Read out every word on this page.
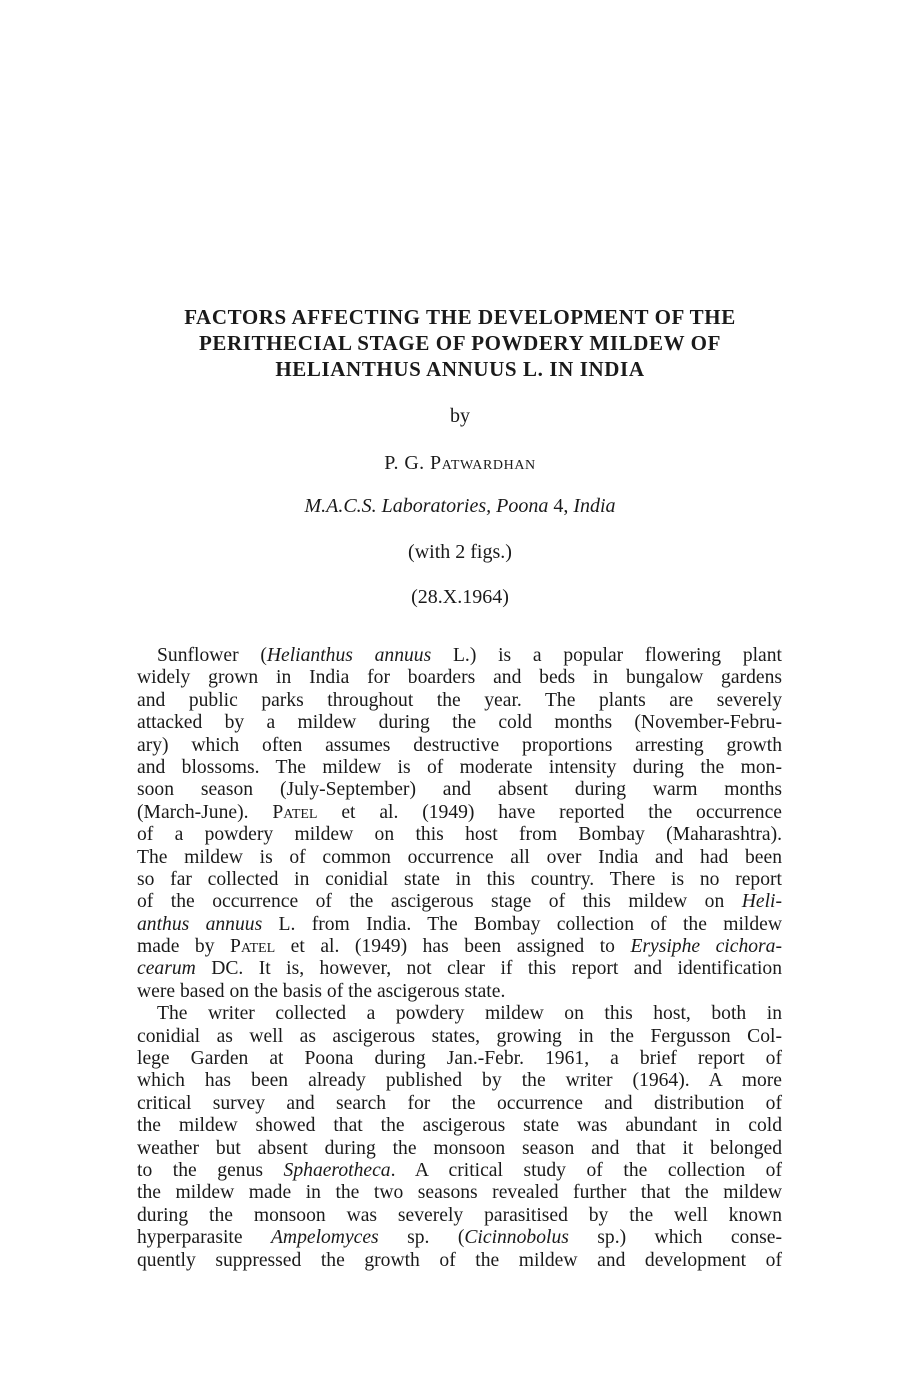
FACTORS AFFECTING THE DEVELOPMENT OF THE
PERITHECIAL STAGE OF POWDERY MILDEW OF
HELIANTHUS ANNUUS L. IN INDIA
by
P. G. Patwardhan
M.A.C.S. Laboratories, Poona 4, India
(with 2 figs.)
(28.X.1964)
Sunflower (Helianthus annuus L.) is a popular flowering plant
widely grown in India for boarders and beds in bungalow gardens
and public parks throughout the year. The plants are severely
attacked by a mildew during the cold months (November-Febru-
ary) which often assumes destructive proportions arresting growth
and blossoms. The mildew is of moderate intensity during the mon-
soon season (July-September) and absent during warm months
(March-June). Patel et al. (1949) have reported the occurrence
of a powdery mildew on this host from Bombay (Maharashtra).
The mildew is of common occurrence all over India and had been
so far collected in conidial state in this country. There is no report
of the occurrence of the ascigerous stage of this mildew on Heli-
anthus annuus L. from India. The Bombay collection of the mildew
made by Patel et al. (1949) has been assigned to Erysiphe cichora-
cearum DC. It is, however, not clear if this report and identification
were based on the basis of the ascigerous state.
The writer collected a powdery mildew on this host, both in
conidial as well as ascigerous states, growing in the Fergusson Col-
lege Garden at Poona during Jan.-Febr. 1961, a brief report of
which has been already published by the writer (1964). A more
critical survey and search for the occurrence and distribution of
the mildew showed that the ascigerous state was abundant in cold
weather but absent during the monsoon season and that it belonged
to the genus Sphaerotheca. A critical study of the collection of
the mildew made in the two seasons revealed further that the mildew
during the monsoon was severely parasitised by the well known
hyperparasite Ampelomyces sp. (Cicinnobolus sp.) which conse-
quently suppressed the growth of the mildew and development of
